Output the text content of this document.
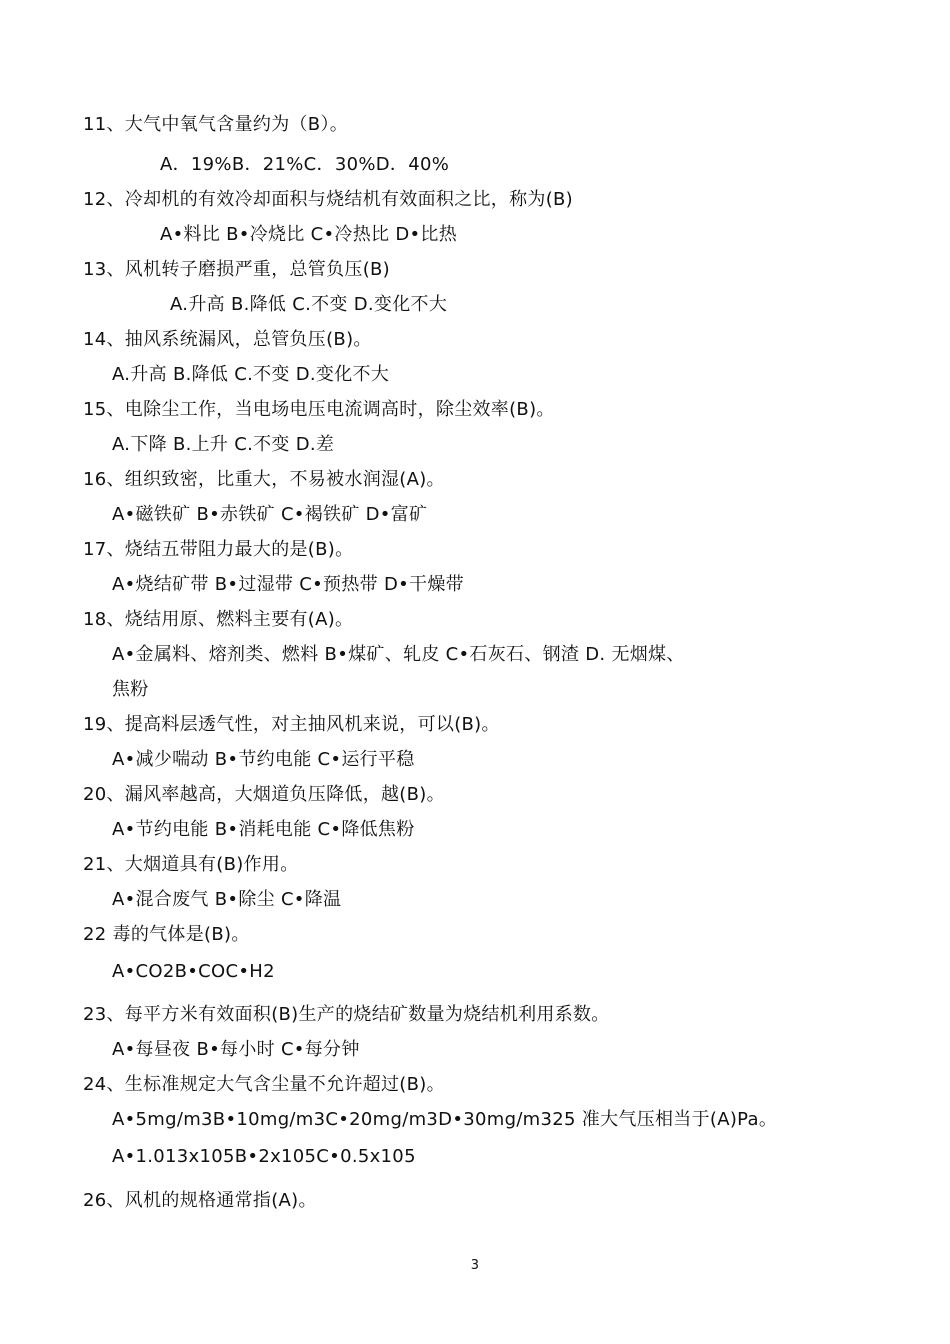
11、大气中氧气含量约为（B）。
A．19%B．21%C．30%D．40%
12、冷却机的有效冷却面积与烧结机有效面积之比，称为(B)
A•料比 B•冷烧比 C•冷热比 D•比热
13、风机转子磨损严重，总管负压(B)
A.升高 B.降低 C.不变 D.变化不大
14、抽风系统漏风，总管负压(B)。
A.升高 B.降低 C.不变 D.变化不大
15、电除尘工作，当电场电压电流调高时，除尘效率(B)。
A.下降 B.上升 C.不变 D.差
16、组织致密，比重大，不易被水润湿(A)。
A•磁铁矿 B•赤铁矿 C•褐铁矿 D•富矿
17、烧结五带阻力最大的是(B)。
A•烧结矿带 B•过湿带 C•预热带 D•干燥带
18、烧结用原、燃料主要有(A)。
A•金属料、熔剂类、燃料 B•煤矿、轧皮 C•石灰石、钢渣 D. 无烟煤、
焦粉
19、提高料层透气性，对主抽风机来说，可以(B)。
A•减少喘动 B•节约电能 C•运行平稳
20、漏风率越高，大烟道负压降低，越(B)。
A•节约电能 B•消耗电能 C•降低焦粉
21、大烟道具有(B)作用。
A•混合废气 B•除尘 C•降温
22 毒的气体是(B)。
A•CO2B•COC•H2
23、每平方米有效面积(B)生产的烧结矿数量为烧结机利用系数。
A•每昼夜 B•每小时 C•每分钟
24、生标准规定大气含尘量不允许超过(B)。
A•5mg/m3B•10mg/m3C•20mg/m3D•30mg/m325 准大气压相当于(A)Pa。
A•1.013x105B•2x105C•0.5x105
26、风机的规格通常指(A)。
3
